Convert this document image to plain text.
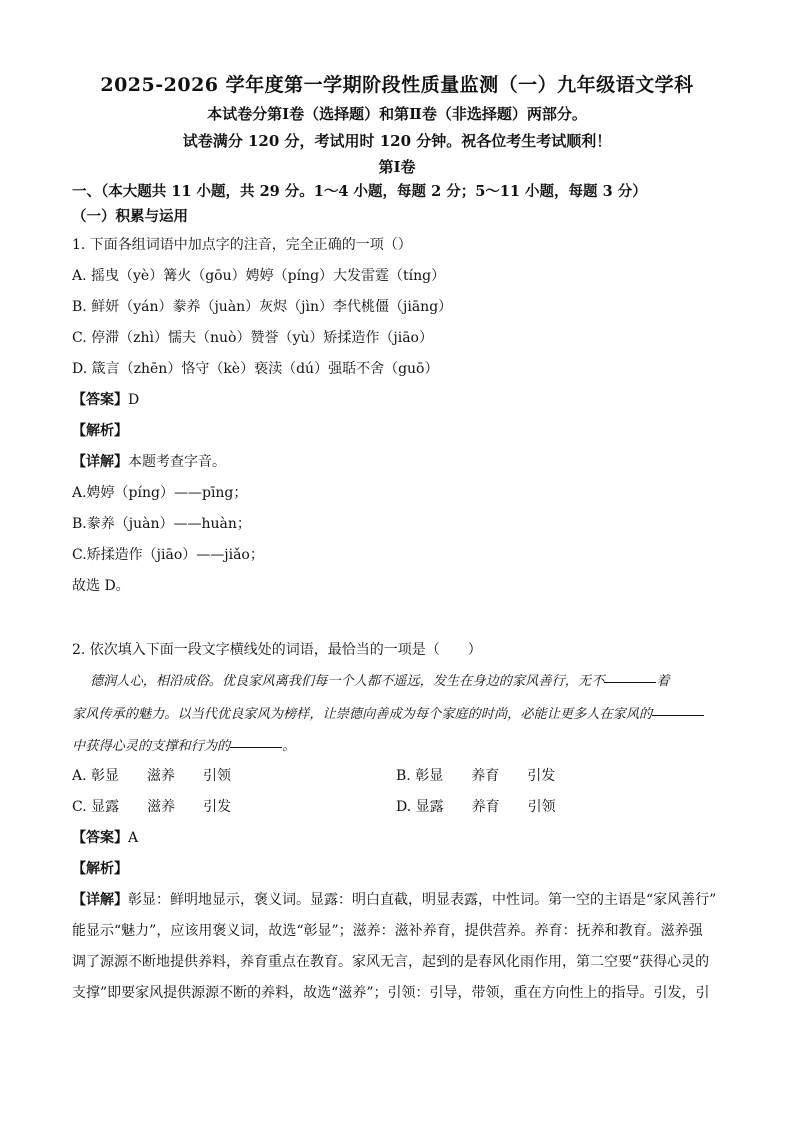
2025-2026 学年度第一学期阶段性质量监测（一）九年级语文学科
本试卷分第Ⅰ卷（选择题）和第Ⅱ卷（非选择题）两部分。
试卷满分 120 分，考试用时 120 分钟。祝各位考生考试顺利！
第Ⅰ卷
一、（本大题共 11 小题，共 29 分。1～4 小题，每题 2 分；5～11 小题，每题 3 分）
（一）积累与运用
1. 下面各组词语中加点字的注音，完全正确的一项（）
A. 摇曳（yè）篝火（gōu）娉婷（píng）大发雷霆（tíng）
B. 鲜妍（yán）豢养（juàn）灰烬（jìn）李代桃僵（jiāng）
C. 停滞（zhì）懦夫（nuò）赞誉（yù）矫揉造作（jiāo）
D. 箴言（zhēn）恪守（kè）亵渎（dú）强聒不舍（guō）
【答案】D
【解析】
【详解】本题考查字音。
A.娉婷（píng）——pīng；
B.豢养（juàn）——huàn；
C.矫揉造作（jiāo）——jiǎo；
故选 D。
2. 依次填入下面一段文字横线处的词语，最恰当的一项是（　　）
德润人心，相沿成俗。优良家风离我们每一个人都不遥远，发生在身边的家风善行，无不	着
家风传承的魅力。以当代优良家风为榜样，让崇德向善成为每个家庭的时尚，必能让更多人在家风的
中获得心灵的支撑和行为的	。
A. 彰显　　滋养　　引领	B. 彰显　　养育　　引发
C. 显露　　滋养　　引发	D. 显露　　养育　　引领
【答案】A
【解析】
【详解】彰显：鲜明地显示，褒义词。显露：明白直截，明显表露，中性词。第一空的主语是“家风善行”
能显示“魅力”，应该用褒义词，故选“彰显”；滋养：滋补养育，提供营养。养育：抚养和教育。滋养强
调了源源不断地提供养料，养育重点在教育。家风无言，起到的是春风化雨作用，第二空要“获得心灵的
支撑”即要家风提供源源不断的养料，故选“滋养”；引领：引导，带领，重在方向性上的指导。引发，引
